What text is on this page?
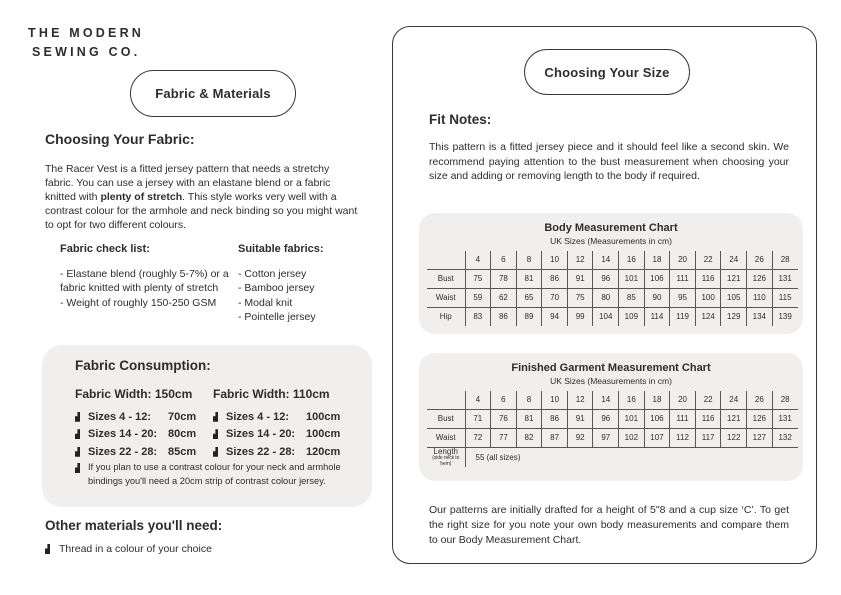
THE MODERN
SEWING CO.
Fabric & Materials
Choosing Your Fabric:

The Racer Vest is a fitted jersey pattern that needs a stretchy fabric. You can use a jersey with an elastane blend or a fabric knitted with plenty of stretch. This style works very well with a contrast colour for the armhole and neck binding so you might want to opt for two different colours.

Fabric check list:	Suitable fabrics:
- Elastane blend (roughly 5-7%) or a fabric knitted with plenty of stretch
- Weight of roughly 150-250 GSM
- Cotton jersey
- Bamboo jersey
- Modal knit
- Pointelle jersey
Fabric Consumption:
Fabric Width: 150cm
Sizes 4 - 12:	70cm
Sizes 14 - 20: 80cm
Sizes 22 - 28: 85cm
Fabric Width: 110cm
Sizes 4 - 12:	100cm
Sizes 14 - 20: 100cm
Sizes 22 - 28: 120cm
If you plan to use a contrast colour for your neck and armhole bindings you'll need a 20cm strip of contrast colour jersey.
Other materials you'll need:
Thread in a colour of your choice
Choosing Your Size
Fit Notes:

This pattern is a fitted jersey piece and it should feel like a second skin. We recommend paying attention to the bust measurement when choosing your size and adding or removing length to the body if required.

Body Measurement Chart
UK Sizes (Measurements in cm)
	4	6	8	10	12	14	16	18	20	22	24	26	28
Bust	75	78	81	86	91	96	101	106	111	116	121	126	131
Waist	59	62	65	70	75	80	85	90	95	100	105	110	115
Hip	83	86	89	94	99	104	109	114	119	124	129	134	139
Finished Garment Measurement Chart
UK Sizes (Measurements in cm)
	4	6	8	10	12	14	16	18	20	22	24	26	28
Bust	71	76	81	86	91	96	101	106	111	116	121	126	131
Waist	72	77	82	87	92	97	102	107	112	117	122	127	132

Length
(side neck to hem)	55 (all sizes)												

Our patterns are initially drafted for a height of 5"8 and a cup size ‘C’. To get the right size for you note your own body measurements and compare them to our Body Measurement Chart.
